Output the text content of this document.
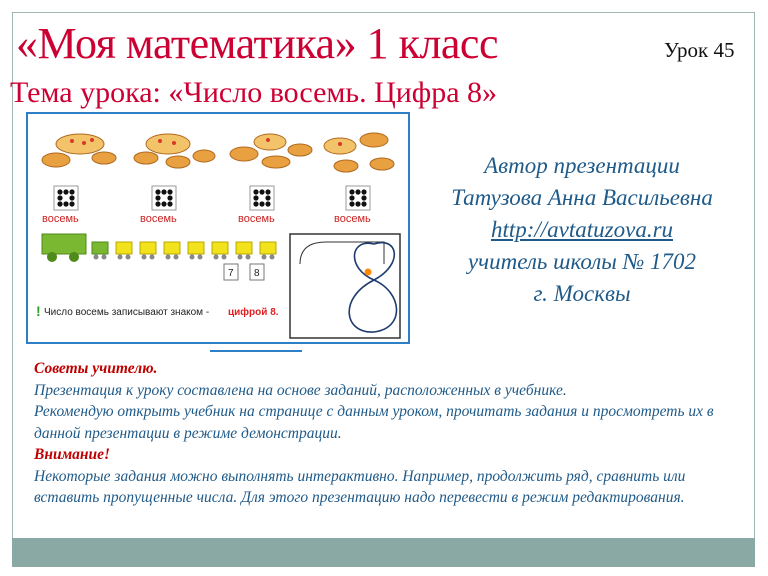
«Моя математика» 1 класс	Урок 45
Тема урока: «Число восемь. Цифра 8»
восемь	восемь	восемь	восемь
7 8
! Число восемь записывают знаком - цифрой 8.
Автор презентации
Татузова Анна Васильевна
http://avtatuzova.ru
учитель школы № 1702
г. Москвы
Советы учителю.
Презентация к уроку составлена на основе заданий, расположенных в учебнике.
Рекомендую открыть учебник на странице с данным уроком, прочитать задания и просмотреть их в данной презентации в режиме демонстрации.
Внимание!
Некоторые задания можно выполнять интерактивно. Например, продолжить ряд, сравнить или вставить пропущенные числа. Для этого презентацию надо перевести в режим редактирования.
